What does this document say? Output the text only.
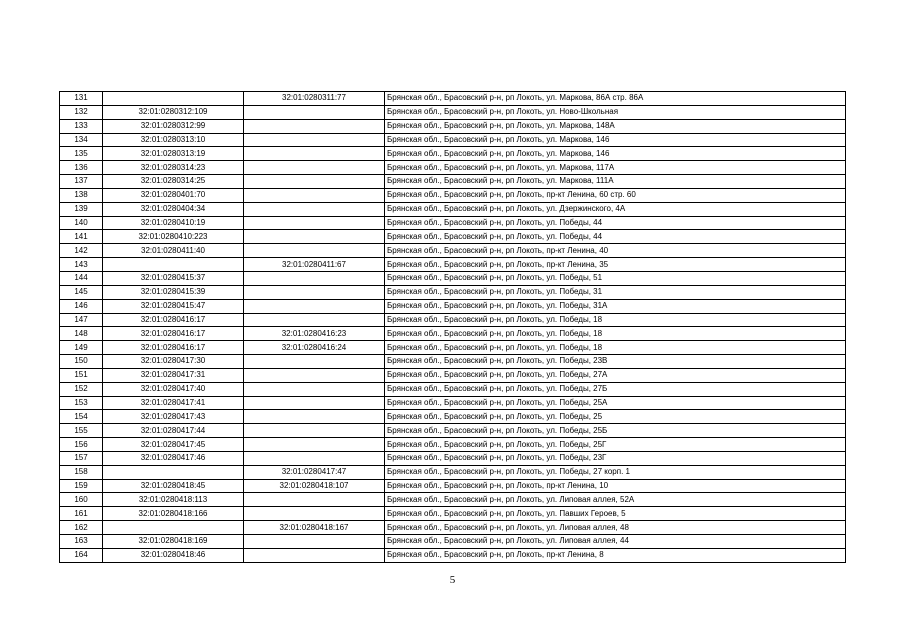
131		32:01:0280311:77	Брянская обл., Брасовский р-н, рп Локоть, ул. Маркова, 86А стр. 86А
132	32:01:0280312:109		Брянская обл., Брасовский р-н, рп Локоть, ул. Ново-Школьная
133	32:01:0280312:99		Брянская обл., Брасовский р-н, рп Локоть, ул. Маркова, 148А
134	32:01:0280313:10		Брянская обл., Брасовский р-н, рп Локоть, ул. Маркова, 146
135	32:01:0280313:19		Брянская обл., Брасовский р-н, рп Локоть, ул. Маркова, 146
136	32:01:0280314:23		Брянская обл., Брасовский р-н, рп Локоть, ул. Маркова, 117А
137	32:01:0280314:25		Брянская обл., Брасовский р-н, рп Локоть, ул. Маркова, 111А
138	32:01:0280401:70		Брянская обл., Брасовский р-н, рп Локоть, пр-кт Ленина, 60 стр. 60
139	32:01:0280404:34		Брянская обл., Брасовский р-н, рп Локоть, ул. Дзержинского, 4А
140	32:01:0280410:19		Брянская обл., Брасовский р-н, рп Локоть, ул. Победы, 44
141	32:01:0280410:223		Брянская обл., Брасовский р-н, рп Локоть, ул. Победы, 44
142	32:01:0280411:40		Брянская обл., Брасовский р-н, рп Локоть, пр-кт Ленина, 40
143		32:01:0280411:67	Брянская обл., Брасовский р-н, рп Локоть, пр-кт Ленина, 35
144	32:01:0280415:37		Брянская обл., Брасовский р-н, рп Локоть, ул. Победы, 51
145	32:01:0280415:39		Брянская обл., Брасовский р-н, рп Локоть, ул. Победы, 31
146	32:01:0280415:47		Брянская обл., Брасовский р-н, рп Локоть, ул. Победы, 31А
147	32:01:0280416:17		Брянская обл., Брасовский р-н, рп Локоть, ул. Победы, 18
148	32:01:0280416:17	32:01:0280416:23	Брянская обл., Брасовский р-н, рп Локоть, ул. Победы, 18
149	32:01:0280416:17	32:01:0280416:24	Брянская обл., Брасовский р-н, рп Локоть, ул. Победы, 18
150	32:01:0280417:30		Брянская обл., Брасовский р-н, рп Локоть, ул. Победы, 23В
151	32:01:0280417:31		Брянская обл., Брасовский р-н, рп Локоть, ул. Победы, 27А
152	32:01:0280417:40		Брянская обл., Брасовский р-н, рп Локоть, ул. Победы, 27Б
153	32:01:0280417:41		Брянская обл., Брасовский р-н, рп Локоть, ул. Победы, 25А
154	32:01:0280417:43		Брянская обл., Брасовский р-н, рп Локоть, ул. Победы, 25
155	32:01:0280417:44		Брянская обл., Брасовский р-н, рп Локоть, ул. Победы, 25Б
156	32:01:0280417:45		Брянская обл., Брасовский р-н, рп Локоть, ул. Победы, 25Г
157	32:01:0280417:46		Брянская обл., Брасовский р-н, рп Локоть, ул. Победы, 23Г
158		32:01:0280417:47	Брянская обл., Брасовский р-н, рп Локоть, ул. Победы, 27 корп. 1
159	32:01:0280418:45	32:01:0280418:107	Брянская обл., Брасовский р-н, рп Локоть, пр-кт Ленина, 10
160	32:01:0280418:113		Брянская обл., Брасовский р-н, рп Локоть, ул. Липовая аллея, 52А
161	32:01:0280418:166		Брянская обл., Брасовский р-н, рп Локоть, ул. Павших Героев, 5
162		32:01:0280418:167	Брянская обл., Брасовский р-н, рп Локоть, ул. Липовая аллея, 48
163	32:01:0280418:169		Брянская обл., Брасовский р-н, рп Локоть, ул. Липовая аллея, 44
164	32:01:0280418:46		Брянская обл., Брасовский р-н, рп Локоть, пр-кт Ленина, 8
5
